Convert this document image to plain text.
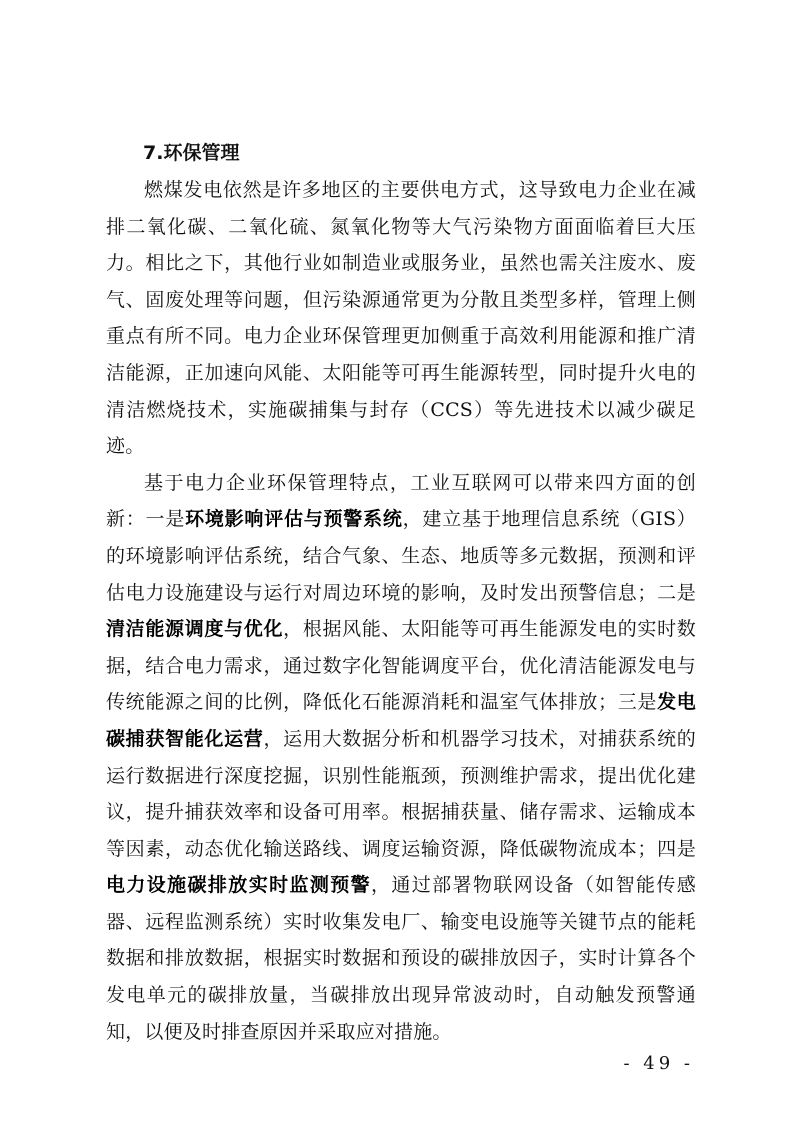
7.环保管理

燃煤发电依然是许多地区的主要供电方式，这导致电力企业在减排二氧化碳、二氧化硫、氮氧化物等大气污染物方面面临着巨大压力。相比之下，其他行业如制造业或服务业，虽然也需关注废水、废气、固废处理等问题，但污染源通常更为分散且类型多样，管理上侧重点有所不同。电力企业环保管理更加侧重于高效利用能源和推广清洁能源，正加速向风能、太阳能等可再生能源转型，同时提升火电的清洁燃烧技术，实施碳捕集与封存（CCS）等先进技术以减少碳足迹。

基于电力企业环保管理特点，工业互联网可以带来四方面的创新：一是环境影响评估与预警系统，建立基于地理信息系统（GIS）的环境影响评估系统，结合气象、生态、地质等多元数据，预测和评估电力设施建设与运行对周边环境的影响，及时发出预警信息；二是清洁能源调度与优化，根据风能、太阳能等可再生能源发电的实时数据，结合电力需求，通过数字化智能调度平台，优化清洁能源发电与传统能源之间的比例，降低化石能源消耗和温室气体排放；三是发电碳捕获智能化运营，运用大数据分析和机器学习技术，对捕获系统的运行数据进行深度挖掘，识别性能瓶颈，预测维护需求，提出优化建议，提升捕获效率和设备可用率。根据捕获量、储存需求、运输成本等因素，动态优化输送路线、调度运输资源，降低碳物流成本；四是电力设施碳排放实时监测预警，通过部署物联网设备（如智能传感器、远程监测系统）实时收集发电厂、输变电设施等关键节点的能耗数据和排放数据，根据实时数据和预设的碳排放因子，实时计算各个发电单元的碳排放量，当碳排放出现异常波动时，自动触发预警通知，以便及时排查原因并采取应对措施。

- 49 -
